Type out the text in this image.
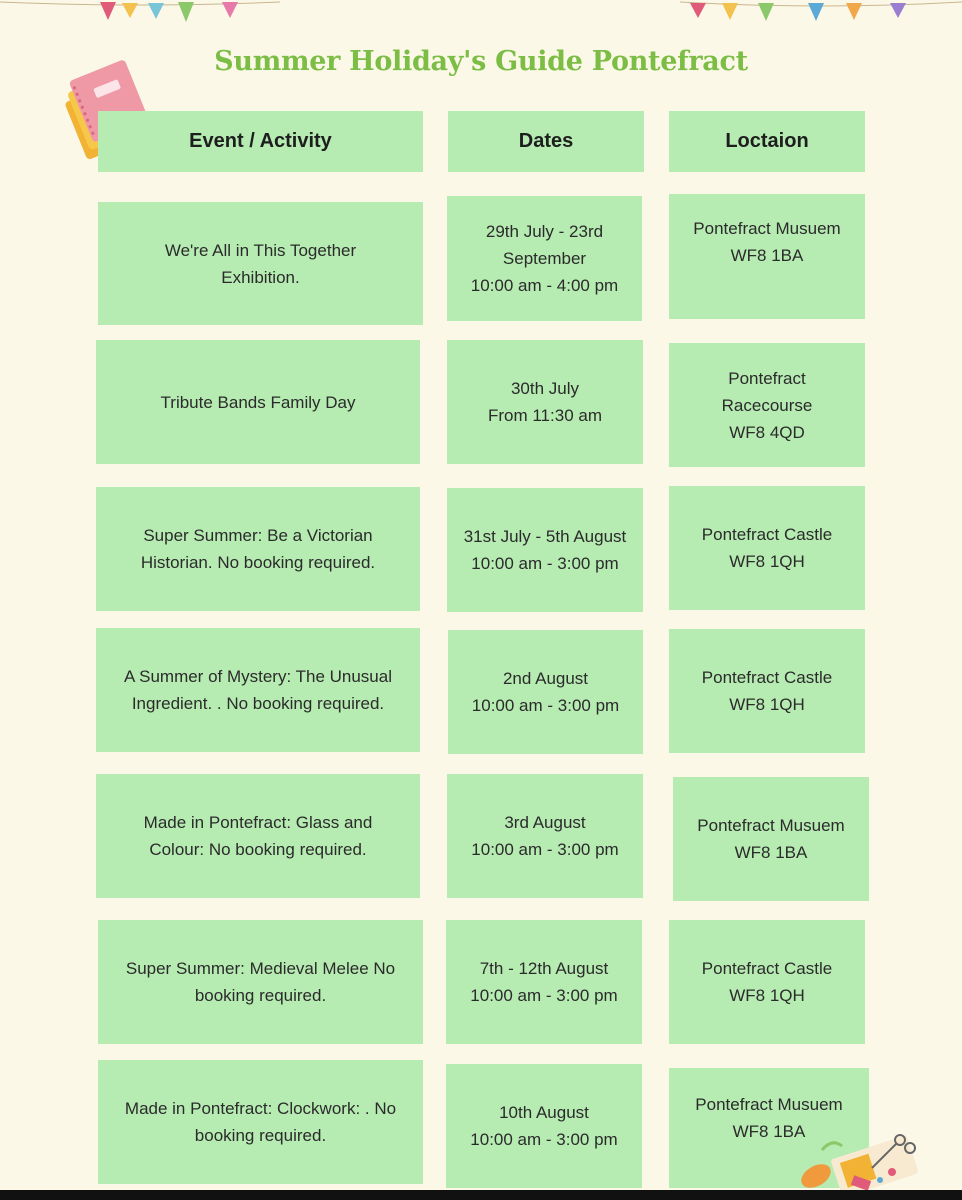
Summer Holiday's Guide Pontefract
Event / Activity	Dates	Loctaion
We're All in This Together
Exhibition.
29th July - 23rd
September
10:00 am - 4:00 pm
Pontefract Musuem
WF8 1BA
Tribute Bands Family Day
30th July
From 11:30 am
Pontefract
Racecourse
WF8 4QD
Super Summer: Be a Victorian
Historian. No booking required.
31st July - 5th August
10:00 am - 3:00 pm
Pontefract Castle
WF8 1QH
A Summer of Mystery: The Unusual
Ingredient. . No booking required.
2nd August
10:00 am - 3:00 pm
Pontefract Castle
WF8 1QH
Made in Pontefract: Glass and
Colour: No booking required.
3rd August
10:00 am - 3:00 pm
Pontefract Musuem
WF8 1BA
Super Summer: Medieval Melee No
booking required.
7th - 12th August
10:00 am - 3:00 pm
Pontefract Castle
WF8 1QH
Made in Pontefract: Clockwork: . No
booking required.
10th August
10:00 am - 3:00 pm
Pontefract Musuem
WF8 1BA
